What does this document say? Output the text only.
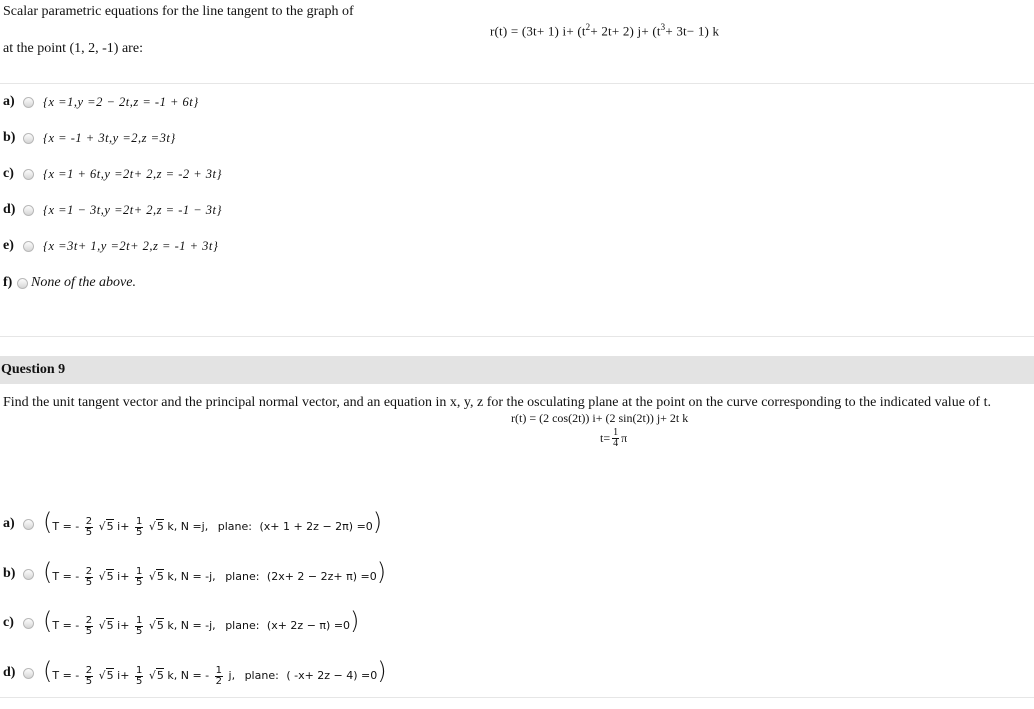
Scalar parametric equations for the line tangent to the graph of
r(t) = (3t+ 1) $i+ (t^2+ 2t+ 2)$ $j+ (t^3+ 3t- 1)$ k
at the point (1, 2, -1) are:
a)	{x =1,y =2 − 2t,z = -1 + 6t}
b)	{x = -1 + 3t,y =2,z =3t}
c)	{x =1 + 6t,y =2t+ 2,z = -2 + 3t}
d)	{x =1 − 3t,y =2t+ 2,z = -1 − 3t}
e)	{x =3t+ 1,y =2t+ 2,z = -1 + 3t}
f) None of the above.
Question 9
Find the unit tangent vector and the principal normal vector, and an equation in x, y, z for the osculating plane at the point on the curve corresponding to the indicated value of t.
r(t) = (2 cos(2t)) i+ (2 sin(2t)) j+ 2t k
$t= \frac{1}{4}$ π
a) (T = - $\frac{2}{5}$ √ 5 $i+ \frac{1}{5}$ √ 5 k, N =j, plane: (x+ 1 + 2z − 2π) =0)
b) (T = - $\frac{2}{5}$ √ 5 $i+ \frac{1}{5}$ √ 5 k, N = -j, plane: (2x+ 2 − 2z+ π) =0)
c) (T = - $\frac{2}{5}$ √ 5 $i+ \frac{1}{5}$ √ 5 k, N = -j, plane: (x+ 2z − π) =0)
d) (T = - $\frac{2}{5}$ √ 5 $i+ \frac{1}{5}$ √ 5 k, N = - $\frac{1}{2} j$, plane: ( -x+ 2z − 4) =0)
